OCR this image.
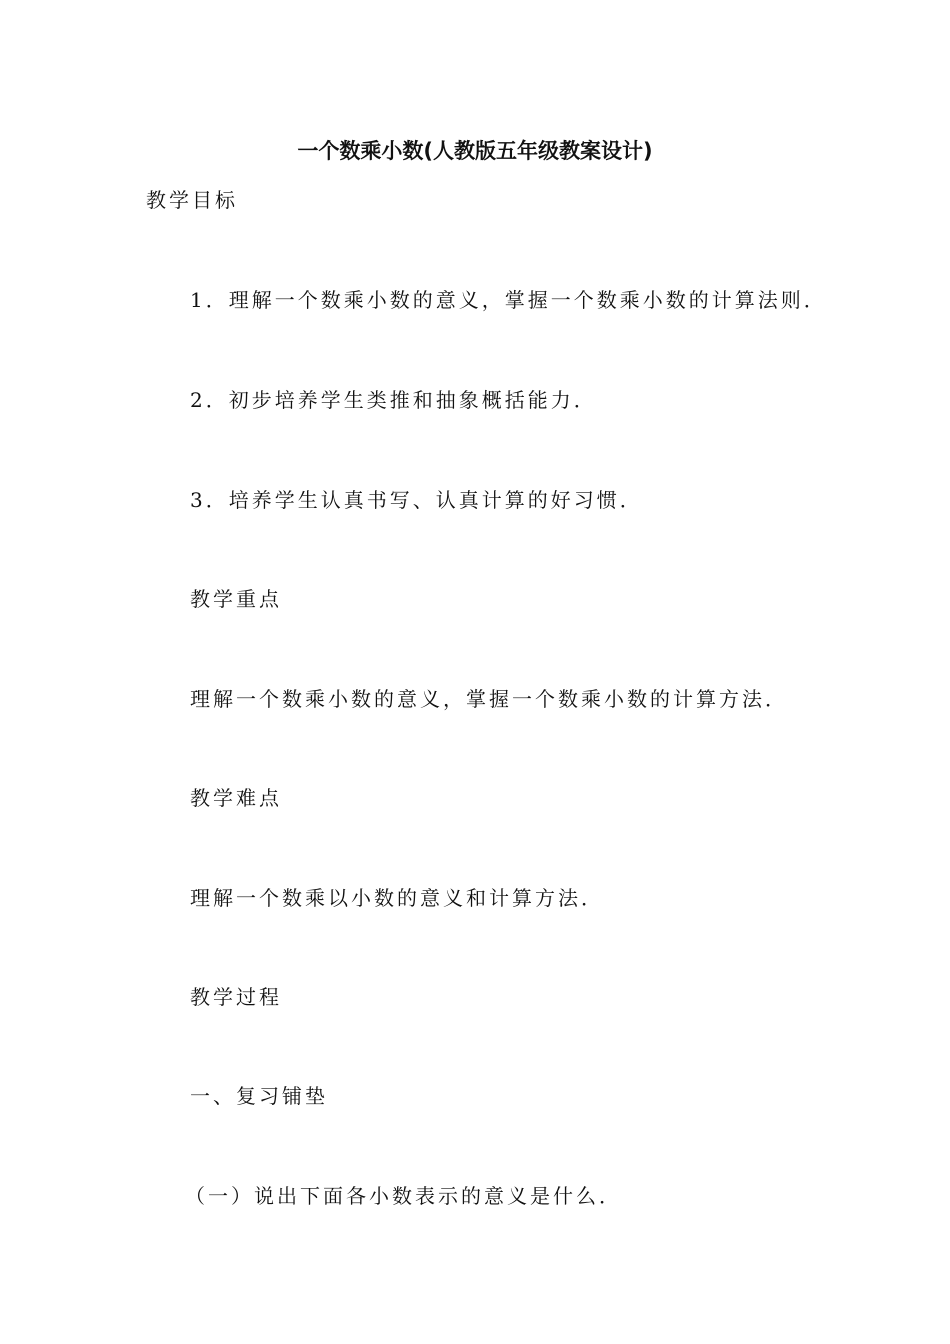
一个数乘小数(人教版五年级教案设计)
教学目标
1．理解一个数乘小数的意义，掌握一个数乘小数的计算法则．
2．初步培养学生类推和抽象概括能力．
3．培养学生认真书写、认真计算的好习惯．
教学重点
理解一个数乘小数的意义，掌握一个数乘小数的计算方法．
教学难点
理解一个数乘以小数的意义和计算方法．
教学过程
一、复习铺垫
（一）说出下面各小数表示的意义是什么．
